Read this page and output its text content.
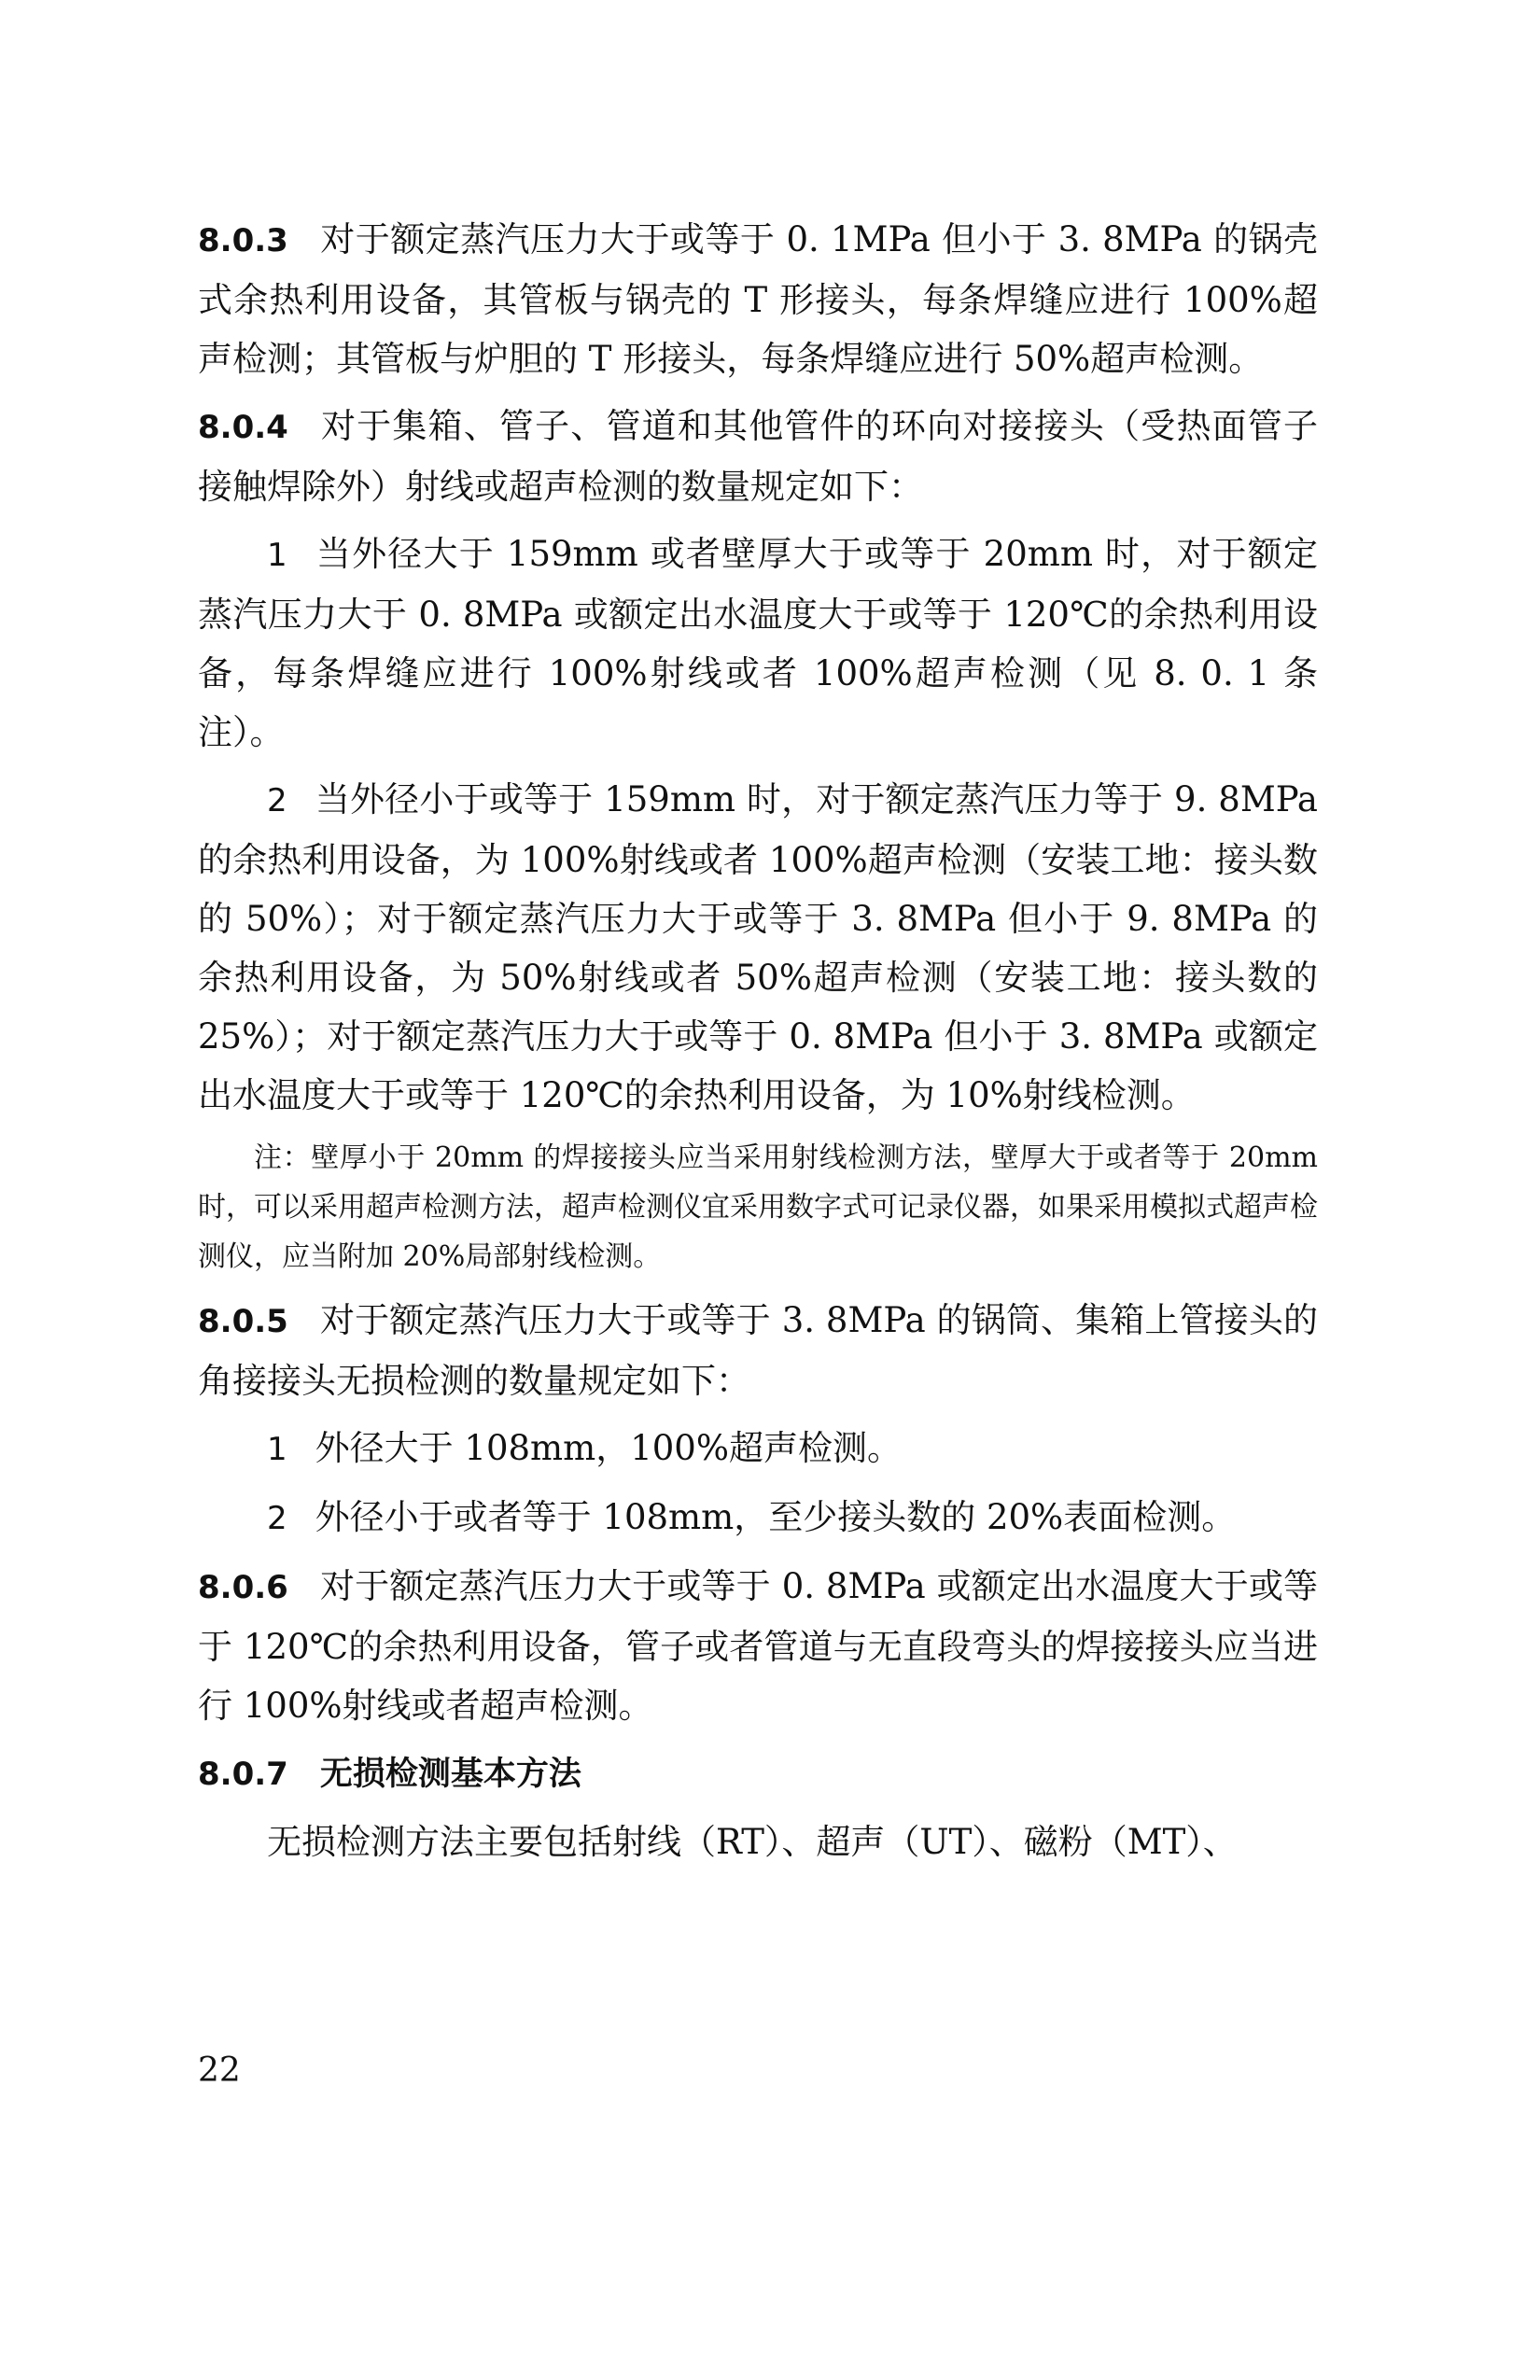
8.0.3 对于额定蒸汽压力大于或等于 0. 1MPa 但小于 3. 8MPa 的锅壳式余热利用设备，其管板与锅壳的 T 形接头，每条焊缝应进行 100%超声检测；其管板与炉胆的 T 形接头，每条焊缝应进行 50%超声检测。

8.0.4 对于集箱、管子、管道和其他管件的环向对接接头（受热面管子接触焊除外）射线或超声检测的数量规定如下：

1 当外径大于 159mm 或者壁厚大于或等于 20mm 时，对于额定蒸汽压力大于 0. 8MPa 或额定出水温度大于或等于 120℃的余热利用设备，每条焊缝应进行 100%射线或者 100%超声检测（见 8. 0. 1 条注）。

2 当外径小于或等于 159mm 时，对于额定蒸汽压力等于 9. 8MPa 的余热利用设备，为 100%射线或者 100%超声检测（安装工地：接头数的 50%）；对于额定蒸汽压力大于或等于 3. 8MPa 但小于 9. 8MPa 的余热利用设备，为 50%射线或者 50%超声检测（安装工地：接头数的 25%）；对于额定蒸汽压力大于或等于 0. 8MPa 但小于 3. 8MPa 或额定出水温度大于或等于 120℃的余热利用设备，为 10%射线检测。

注：壁厚小于 20mm 的焊接接头应当采用射线检测方法，壁厚大于或者等于 20mm 时，可以采用超声检测方法，超声检测仪宜采用数字式可记录仪器，如果采用模拟式超声检测仪，应当附加 20%局部射线检测。

8.0.5 对于额定蒸汽压力大于或等于 3. 8MPa 的锅筒、集箱上管接头的角接接头无损检测的数量规定如下：

1 外径大于 108mm，100%超声检测。

2 外径小于或者等于 108mm，至少接头数的 20%表面检测。

8.0.6 对于额定蒸汽压力大于或等于 0. 8MPa 或额定出水温度大于或等于 120℃的余热利用设备，管子或者管道与无直段弯头的焊接接头应当进行 100%射线或者超声检测。

8.0.7 无损检测基本方法

无损检测方法主要包括射线（RT）、超声（UT）、磁粉（MT）、

22
